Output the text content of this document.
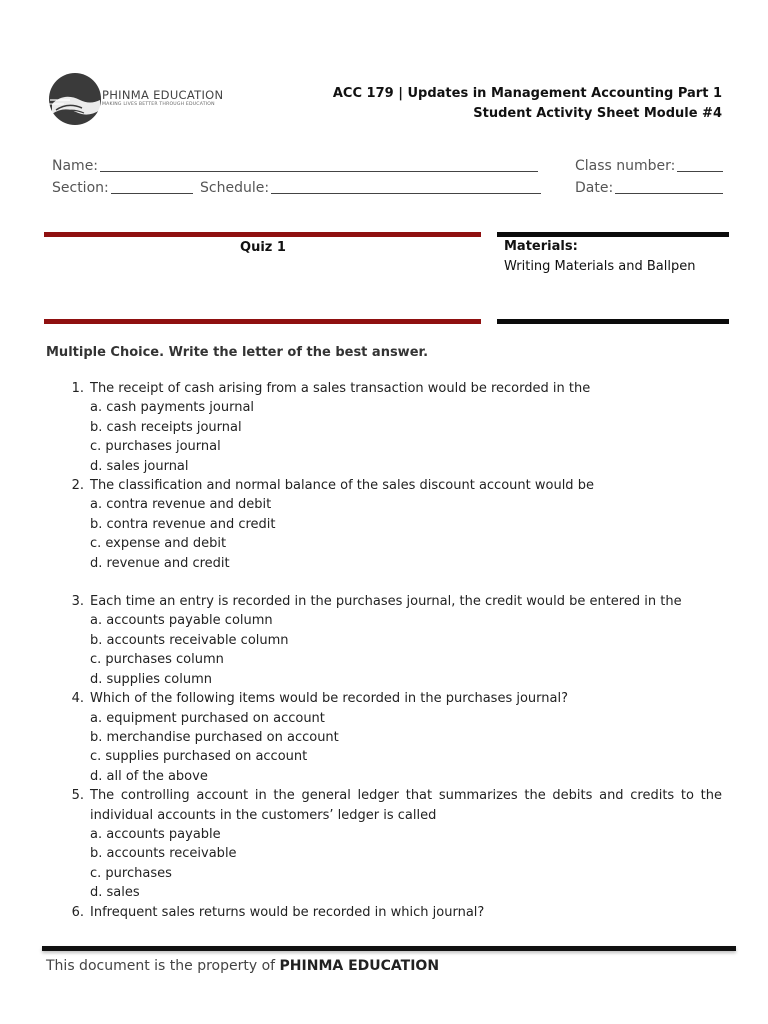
PHINMA EDUCATION
MAKING LIVES BETTER THROUGH EDUCATION
ACC 179 | Updates in Management Accounting Part 1
Student Activity Sheet Module #4
Name:	Class number:
Section:	Schedule:	Date:
Quiz 1	Materials:
Writing Materials and Ballpen
Multiple Choice. Write the letter of the best answer.
1. The receipt of cash arising from a sales transaction would be recorded in the
a. cash payments journal
b. cash receipts journal
c. purchases journal
d. sales journal
2. The classification and normal balance of the sales discount account would be
a. contra revenue and debit
b. contra revenue and credit
c. expense and debit
d. revenue and credit
3. Each time an entry is recorded in the purchases journal, the credit would be entered in the
a. accounts payable column
b. accounts receivable column
c. purchases column
d. supplies column
4. Which of the following items would be recorded in the purchases journal?
a. equipment purchased on account
b. merchandise purchased on account
c. supplies purchased on account
d. all of the above
5. The controlling account in the general ledger that summarizes the debits and credits to the individual accounts in the customers’ ledger is called
a. accounts payable
b. accounts receivable
c. purchases
d. sales
6. Infrequent sales returns would be recorded in which journal?
This document is the property of PHINMA EDUCATION
